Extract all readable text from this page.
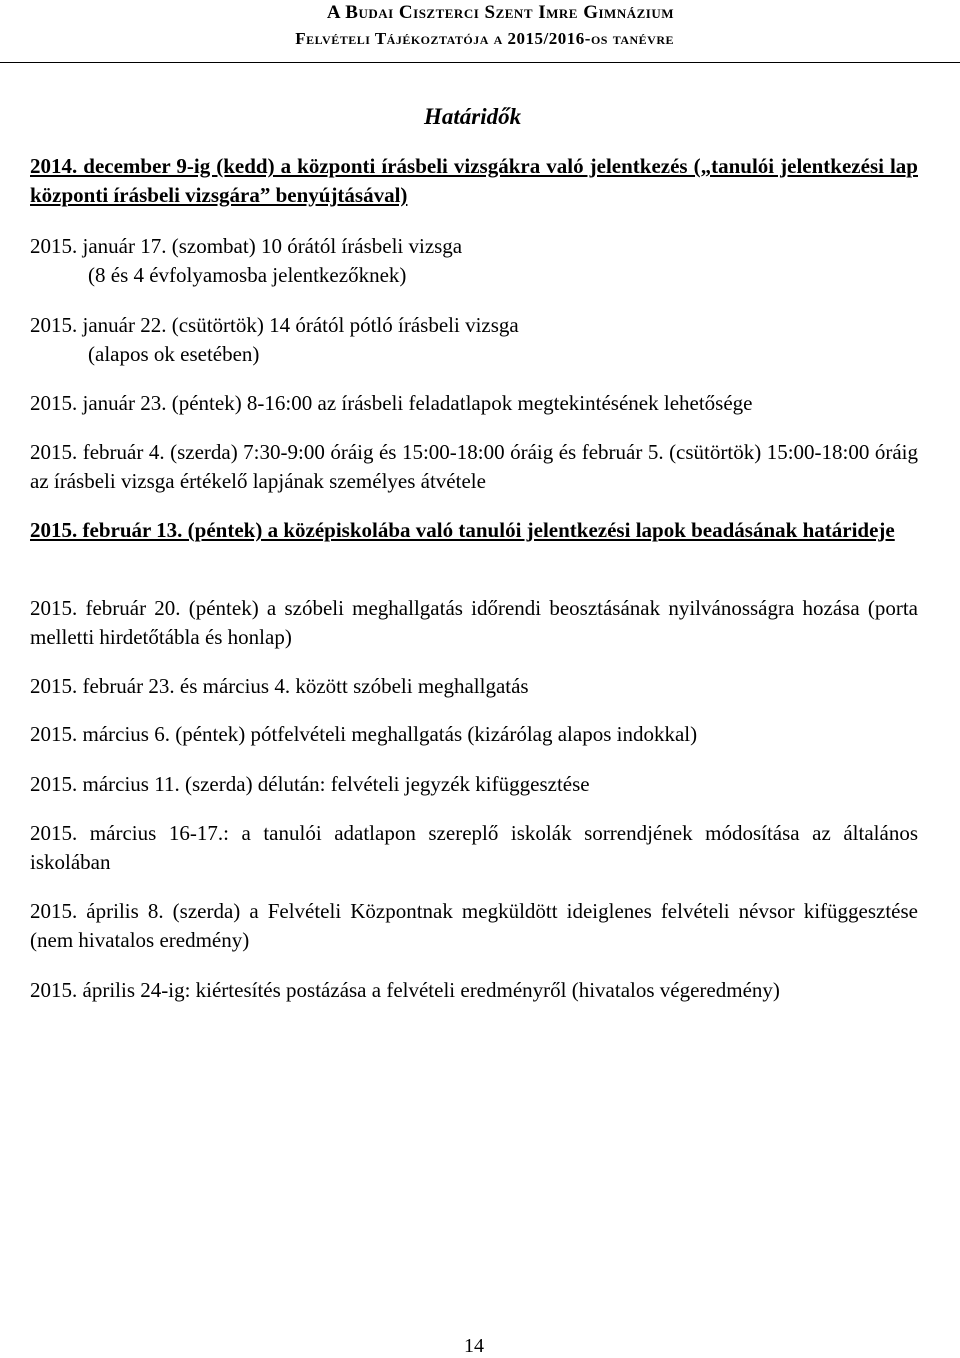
A Budai Ciszterci Szent Imre Gimnázium
Felvételi Tájékoztatója a 2015/2016-os tanévre
Határidők
2014. december 9-ig (kedd) a központi írásbeli vizsgákra való jelentkezés („tanulói jelentkezési lap központi írásbeli vizsgára” benyújtásával)
2015. január 17. (szombat) 10 órától írásbeli vizsga
(8 és 4 évfolyamosba jelentkezőknek)
2015. január 22. (csütörtök) 14 órától pótló írásbeli vizsga
(alapos ok esetében)
2015. január 23. (péntek) 8-16:00 az írásbeli feladatlapok megtekintésének lehetősége
2015. február 4. (szerda) 7:30-9:00 óráig és 15:00-18:00 óráig és február 5. (csütörtök) 15:00-18:00 óráig az írásbeli vizsga értékelő lapjának személyes átvétele
2015. február 13. (péntek) a középiskolába való tanulói jelentkezési lapok beadásának határideje
2015. február 20. (péntek) a szóbeli meghallgatás időrendi beosztásának nyilvánosságra hozása (porta melletti hirdetőtábla és honlap)
2015. február 23. és március 4. között szóbeli meghallgatás
2015. március 6. (péntek) pótfelvételi meghallgatás (kizárólag alapos indokkal)
2015. március 11. (szerda) délután: felvételi jegyzék kifüggesztése
2015. március 16-17.: a tanulói adatlapon szereplő iskolák sorrendjének módosítása az általános iskolában
2015. április 8. (szerda) a Felvételi Központnak megküldött ideiglenes felvételi névsor kifüggesztése (nem hivatalos eredmény)
2015. április 24-ig: kiértesítés postázása a felvételi eredményről (hivatalos végeredmény)
14
